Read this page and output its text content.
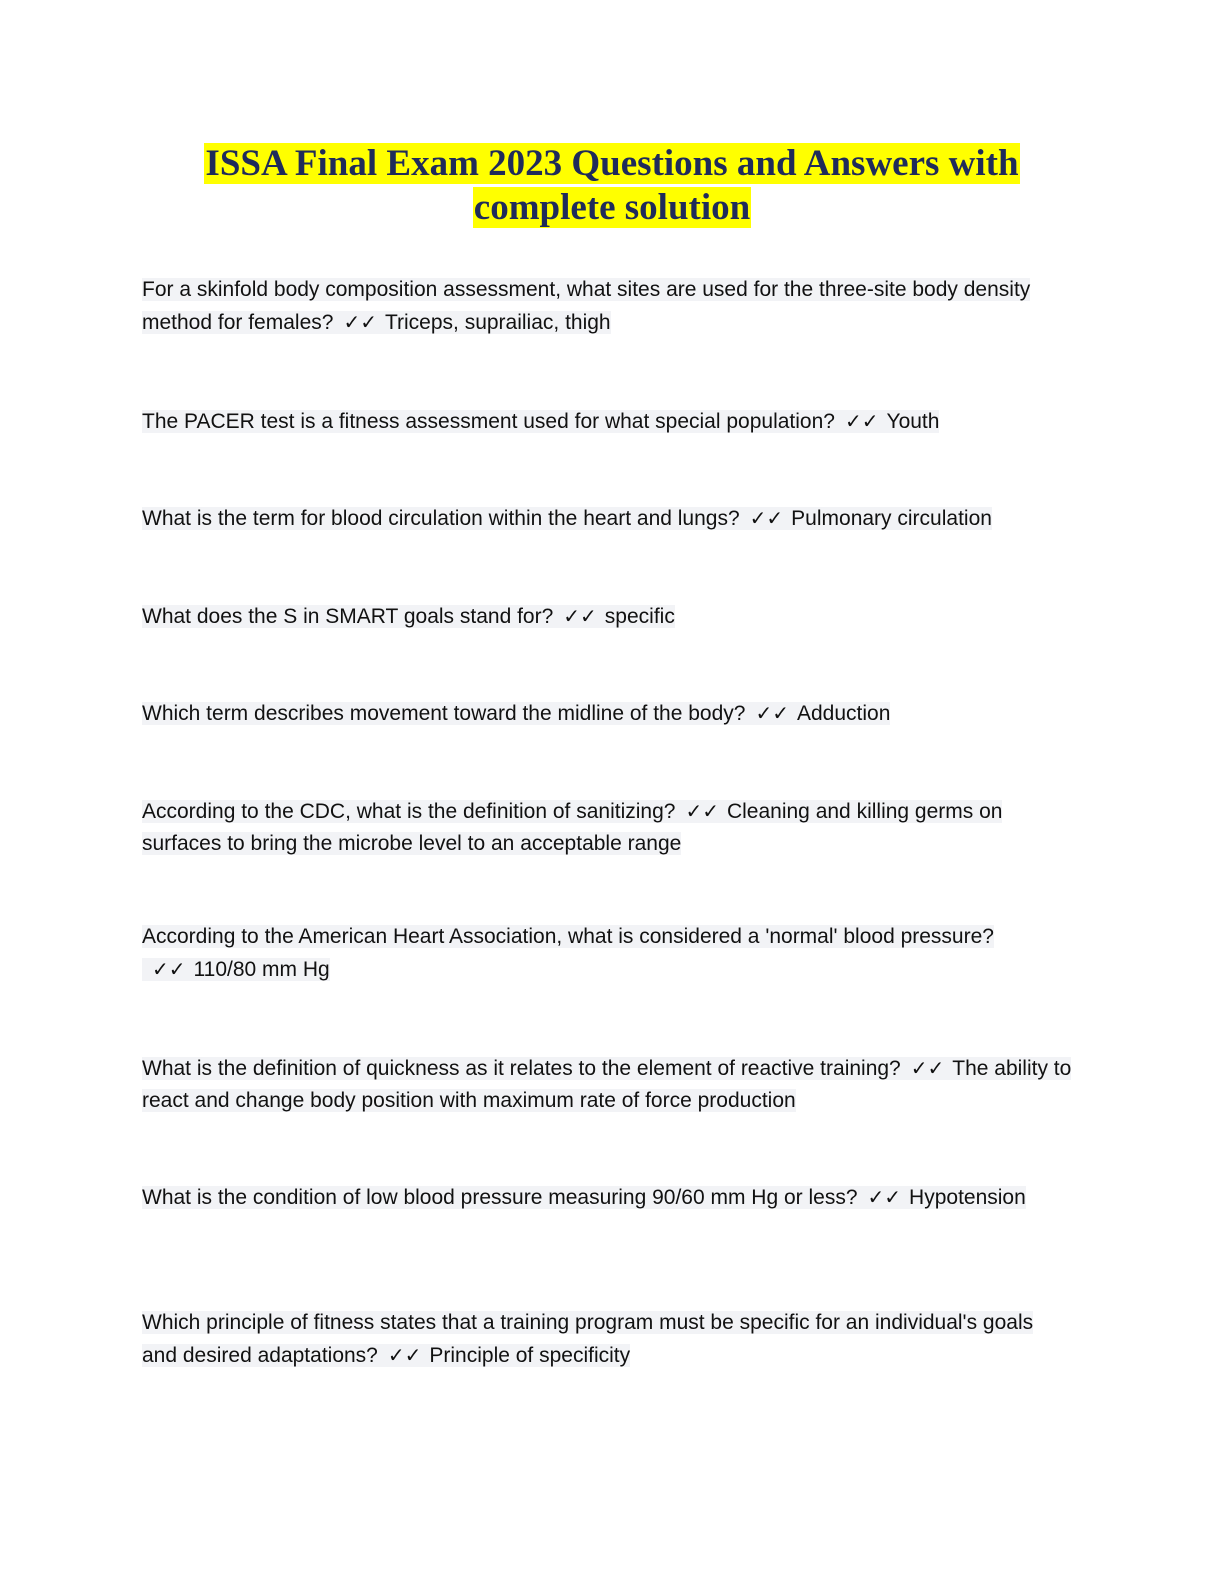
ISSA Final Exam 2023 Questions and Answers with
complete solution
For a skinfold body composition assessment, what sites are used for the three-site body density method for females? ✓✓ Triceps, suprailiac, thigh
The PACER test is a fitness assessment used for what special population? ✓✓ Youth
What is the term for blood circulation within the heart and lungs? ✓✓ Pulmonary circulation
What does the S in SMART goals stand for? ✓✓ specific
Which term describes movement toward the midline of the body? ✓✓ Adduction
According to the CDC, what is the definition of sanitizing? ✓✓ Cleaning and killing germs on surfaces to bring the microbe level to an acceptable range
According to the American Heart Association, what is considered a 'normal' blood pressure?✓✓ 110/80 mm Hg
What is the definition of quickness as it relates to the element of reactive training? ✓✓ The ability to react and change body position with maximum rate of force production
What is the condition of low blood pressure measuring 90/60 mm Hg or less? ✓✓ Hypotension
Which principle of fitness states that a training program must be specific for an individual's goals and desired adaptations? ✓✓ Principle of specificity
